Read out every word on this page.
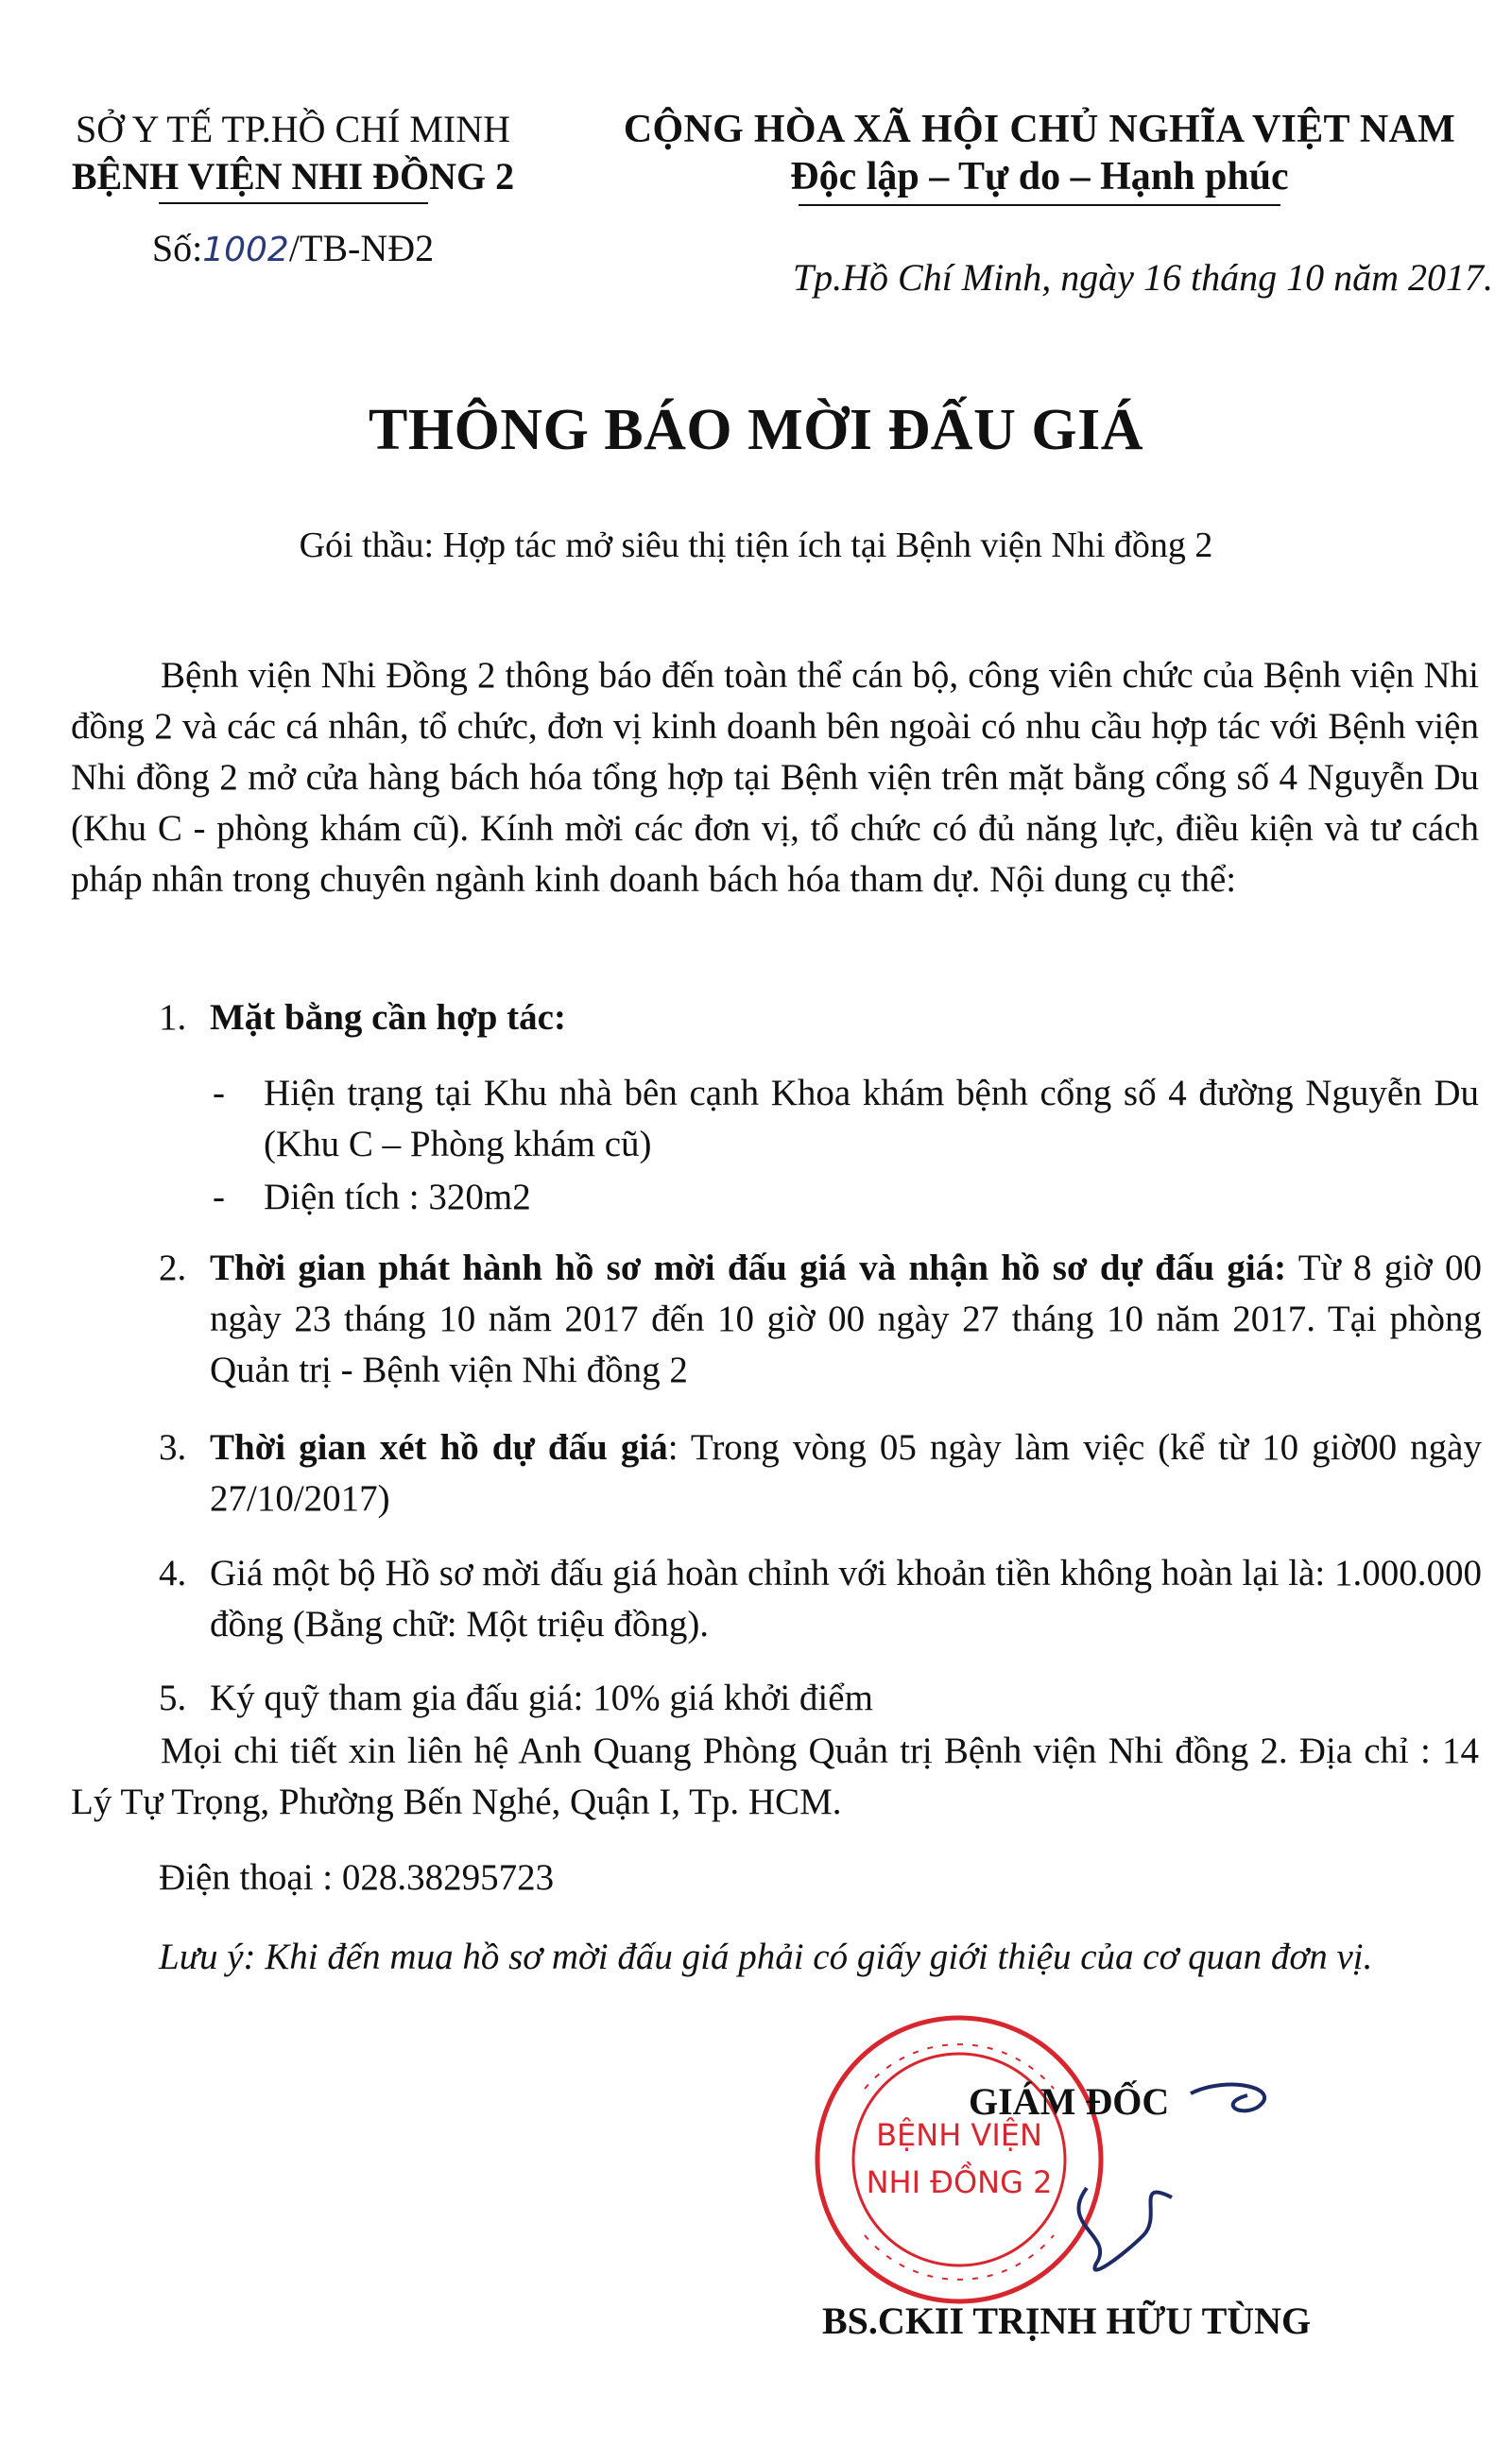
SỞ Y TẾ TP.HỒ CHÍ MINH
BỆNH VIỆN NHI ĐỒNG 2
Số:1002/TB-NĐ2
CỘNG HÒA XÃ HỘI CHỦ NGHĨA VIỆT NAM
Độc lập – Tự do – Hạnh phúc
Tp.Hồ Chí Minh, ngày 16 tháng 10 năm 2017.
THÔNG BÁO MỜI ĐẤU GIÁ
Gói thầu: Hợp tác mở siêu thị tiện ích tại Bệnh viện Nhi đồng 2
Bệnh viện Nhi Đồng 2 thông báo đến toàn thể cán bộ, công viên chức của Bệnh viện Nhi đồng 2 và các cá nhân, tổ chức, đơn vị kinh doanh bên ngoài có nhu cầu hợp tác với Bệnh viện Nhi đồng 2 mở cửa hàng bách hóa tổng hợp tại Bệnh viện trên mặt bằng cổng số 4 Nguyễn Du (Khu C - phòng khám cũ). Kính mời các đơn vị, tổ chức có đủ năng lực, điều kiện và tư cách pháp nhân trong chuyên ngành kinh doanh bách hóa tham dự. Nội dung cụ thể:
1. Mặt bằng cần hợp tác:
- Hiện trạng tại Khu nhà bên cạnh Khoa khám bệnh cổng số 4 đường Nguyễn Du (Khu C – Phòng khám cũ)
- Diện tích : 320m2
2. Thời gian phát hành hồ sơ mời đấu giá và nhận hồ sơ dự đấu giá: Từ 8 giờ 00 ngày 23 tháng 10 năm 2017 đến 10 giờ 00 ngày 27 tháng 10 năm 2017. Tại phòng Quản trị - Bệnh viện Nhi đồng 2
3. Thời gian xét hồ dự đấu giá: Trong vòng 05 ngày làm việc (kể từ 10 giờ00 ngày 27/10/2017)
4. Giá một bộ Hồ sơ mời đấu giá hoàn chỉnh với khoản tiền không hoàn lại là: 1.000.000 đồng (Bằng chữ: Một triệu đồng).
5. Ký quỹ tham gia đấu giá: 10% giá khởi điểm
Mọi chi tiết xin liên hệ Anh Quang Phòng Quản trị Bệnh viện Nhi đồng 2. Địa chỉ : 14 Lý Tự Trọng, Phường Bến Nghé, Quận I, Tp. HCM.
Điện thoại : 028.38295723
Lưu ý: Khi đến mua hồ sơ mời đấu giá phải có giấy giới thiệu của cơ quan đơn vị.
BỆNH VIỆN
NHI ĐỒNG 2
GIÁM ĐỐC
BS.CKII TRỊNH HỮU TÙNG
